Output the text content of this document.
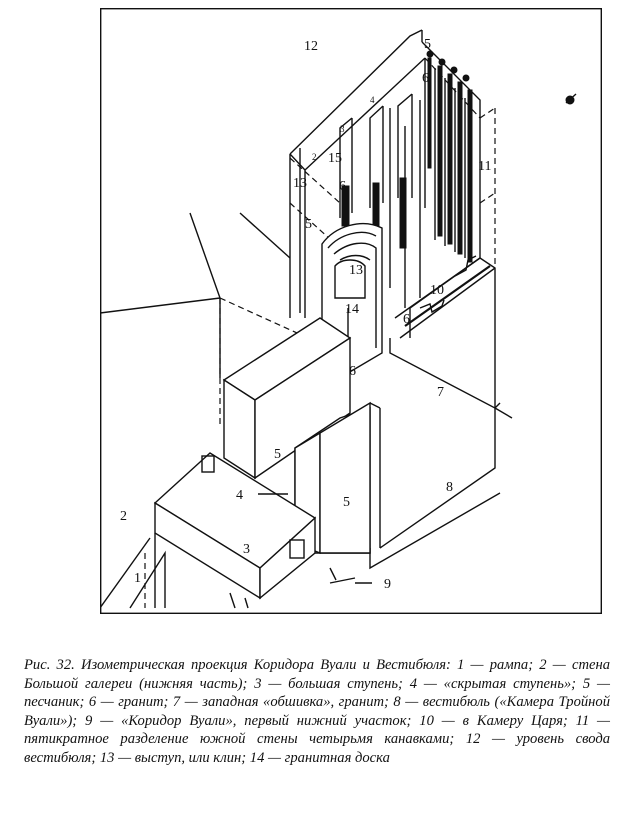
12	5
6
4
3
2 15
13 6
11
5
13
14
10
6
6
7
5
4	5
8
2
3
1	9

Рис. 32. Изометрическая проекция Коридора Вуали и Вестибюля: 1 — рампа; 2 — стена Большой галереи (нижняя часть); 3 — большая ступень; 4 — «скрытая ступень»; 5 — песчаник; 6 — гранит; 7 — западная «обшивка», гранит; 8 — вестибюль («Камера Тройной Вуали»); 9 — «Коридор Вуали», первый нижний участок; 10 — в Камеру Царя; 11 — пятикратное разделение южной стены четырьмя канавками; 12 — уровень свода вестибюля; 13 — выступ, или клин; 14 — гранитная доска
